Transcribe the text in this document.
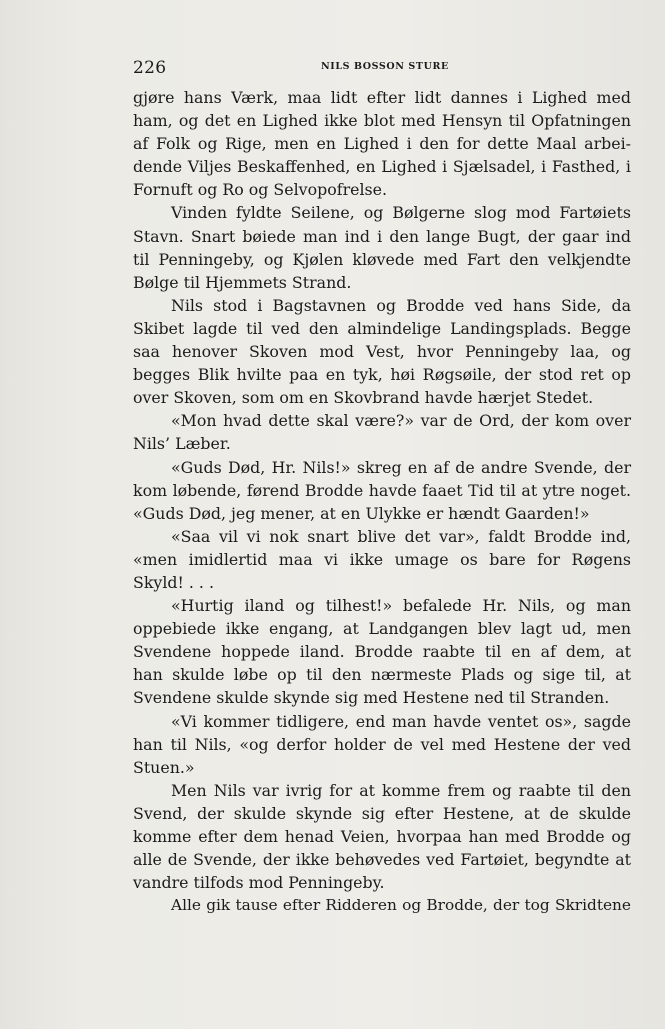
226	NILS BOSSON STURE
gjøre hans Værk, maa lidt efter lidt dannes i Lighed med
ham, og det en Lighed ikke blot med Hensyn til Opfatningen
af Folk og Rige, men en Lighed i den for dette Maal arbei-
dende Viljes Beskaffenhed, en Lighed i Sjælsadel, i Fasthed, i
Fornuft og Ro og Selvopofrelse.
Vinden fyldte Seilene, og Bølgerne slog mod Fartøiets
Stavn. Snart bøiede man ind i den lange Bugt, der gaar ind
til Penningeby, og Kjølen kløvede med Fart den velkjendte
Bølge til Hjemmets Strand.
Nils stod i Bagstavnen og Brodde ved hans Side, da
Skibet lagde til ved den almindelige Landingsplads. Begge
saa henover Skoven mod Vest, hvor Penningeby laa, og
begges Blik hvilte paa en tyk, høi Røgsøile, der stod ret op
over Skoven, som om en Skovbrand havde hærjet Stedet.
«Mon hvad dette skal være?» var de Ord, der kom over
Nils’ Læber.
«Guds Død, Hr. Nils!» skreg en af de andre Svende, der
kom løbende, førend Brodde havde faaet Tid til at ytre noget.
«Guds Død, jeg mener, at en Ulykke er hændt Gaarden!»
«Saa vil vi nok snart blive det var», faldt Brodde ind,
«men imidlertid maa vi ikke umage os bare for Røgens
Skyld! . . .
«Hurtig iland og tilhest!» befalede Hr. Nils, og man
oppebiede ikke engang, at Landgangen blev lagt ud, men
Svendene hoppede iland. Brodde raabte til en af dem, at
han skulde løbe op til den nærmeste Plads og sige til, at
Svendene skulde skynde sig med Hestene ned til Stranden.
«Vi kommer tidligere, end man havde ventet os», sagde
han til Nils, «og derfor holder de vel med Hestene der ved
Stuen.»
Men Nils var ivrig for at komme frem og raabte til den
Svend, der skulde skynde sig efter Hestene, at de skulde
komme efter dem henad Veien, hvorpaa han med Brodde og
alle de Svende, der ikke behøvedes ved Fartøiet, begyndte at
vandre tilfods mod Penningeby.
Alle gik tause efter Ridderen og Brodde, der tog Skridtene
